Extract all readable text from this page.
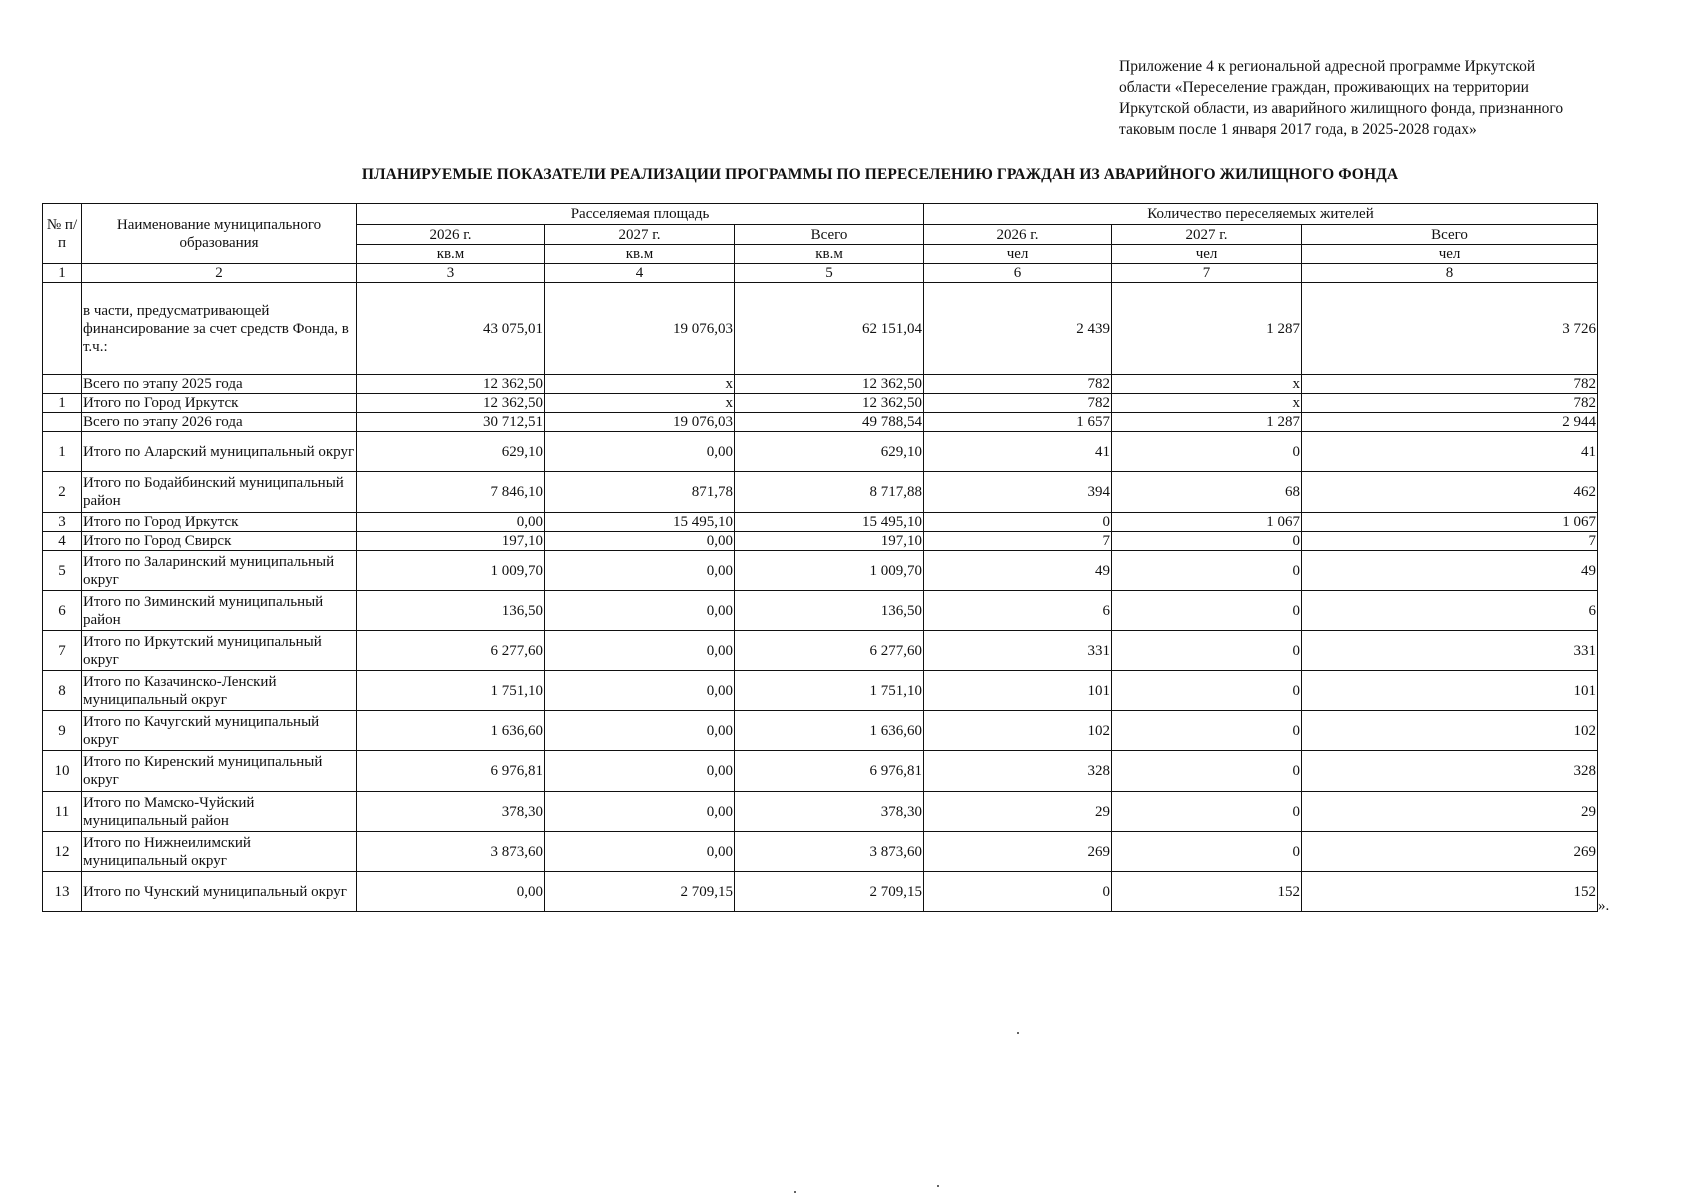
Приложение 4 к региональной адресной программе Иркутской области «Переселение граждан, проживающих на территории Иркутской области, из аварийного жилищного фонда, признанного таковым после 1 января 2017 года, в 2025-2028 годах»
ПЛАНИРУЕМЫЕ ПОКАЗАТЕЛИ РЕАЛИЗАЦИИ ПРОГРАММЫ ПО ПЕРЕСЕЛЕНИЮ ГРАЖДАН ИЗ АВАРИЙНОГО ЖИЛИЩНОГО ФОНДА
№ п/п	Наименование муниципального образования	Расселяемая площадь			Количество переселяемых жителей		
		2026 г.	2027 г.	Всего	2026 г.	2027 г.	Всего
		кв.м	кв.м	кв.м	чел	чел	чел
1	2	3	4	5	6	7	8
	в части, предусматривающей финансирование за счет средств Фонда, в т.ч.:	43 075,01	19 076,03	62 151,04	2 439	1 287	3 726
	Всего по этапу 2025 года	12 362,50	x	12 362,50	782	x	782
1	Итого по Город Иркутск	12 362,50	x	12 362,50	782	x	782
	Всего по этапу 2026 года	30 712,51	19 076,03	49 788,54	1 657	1 287	2 944
1	Итого по Аларский муниципальный округ	629,10	0,00	629,10	41	0	41
2	Итого по Бодайбинский муниципальный район	7 846,10	871,78	8 717,88	394	68	462
3	Итого по Город Иркутск	0,00	15 495,10	15 495,10	0	1 067	1 067
4	Итого по Город Свирск	197,10	0,00	197,10	7	0	7
5	Итого по Заларинский муниципальный округ	1 009,70	0,00	1 009,70	49	0	49
6	Итого по Зиминский муниципальный район	136,50	0,00	136,50	6	0	6
7	Итого по Иркутский муниципальный округ	6 277,60	0,00	6 277,60	331	0	331
8	Итого по Казачинско-Ленский муниципальный округ	1 751,10	0,00	1 751,10	101	0	101
9	Итого по Качугский муниципальный округ	1 636,60	0,00	1 636,60	102	0	102
10	Итого по Киренский муниципальный округ	6 976,81	0,00	6 976,81	328	0	328
11	Итого по Мамско-Чуйский муниципальный район	378,30	0,00	378,30	29	0	29
12	Итого по Нижнеилимский муниципальный округ	3 873,60	0,00	3 873,60	269	0	269
13	Итого по Чунский муниципальный округ	0,00	2 709,15	2 709,15	0	152	152
».
